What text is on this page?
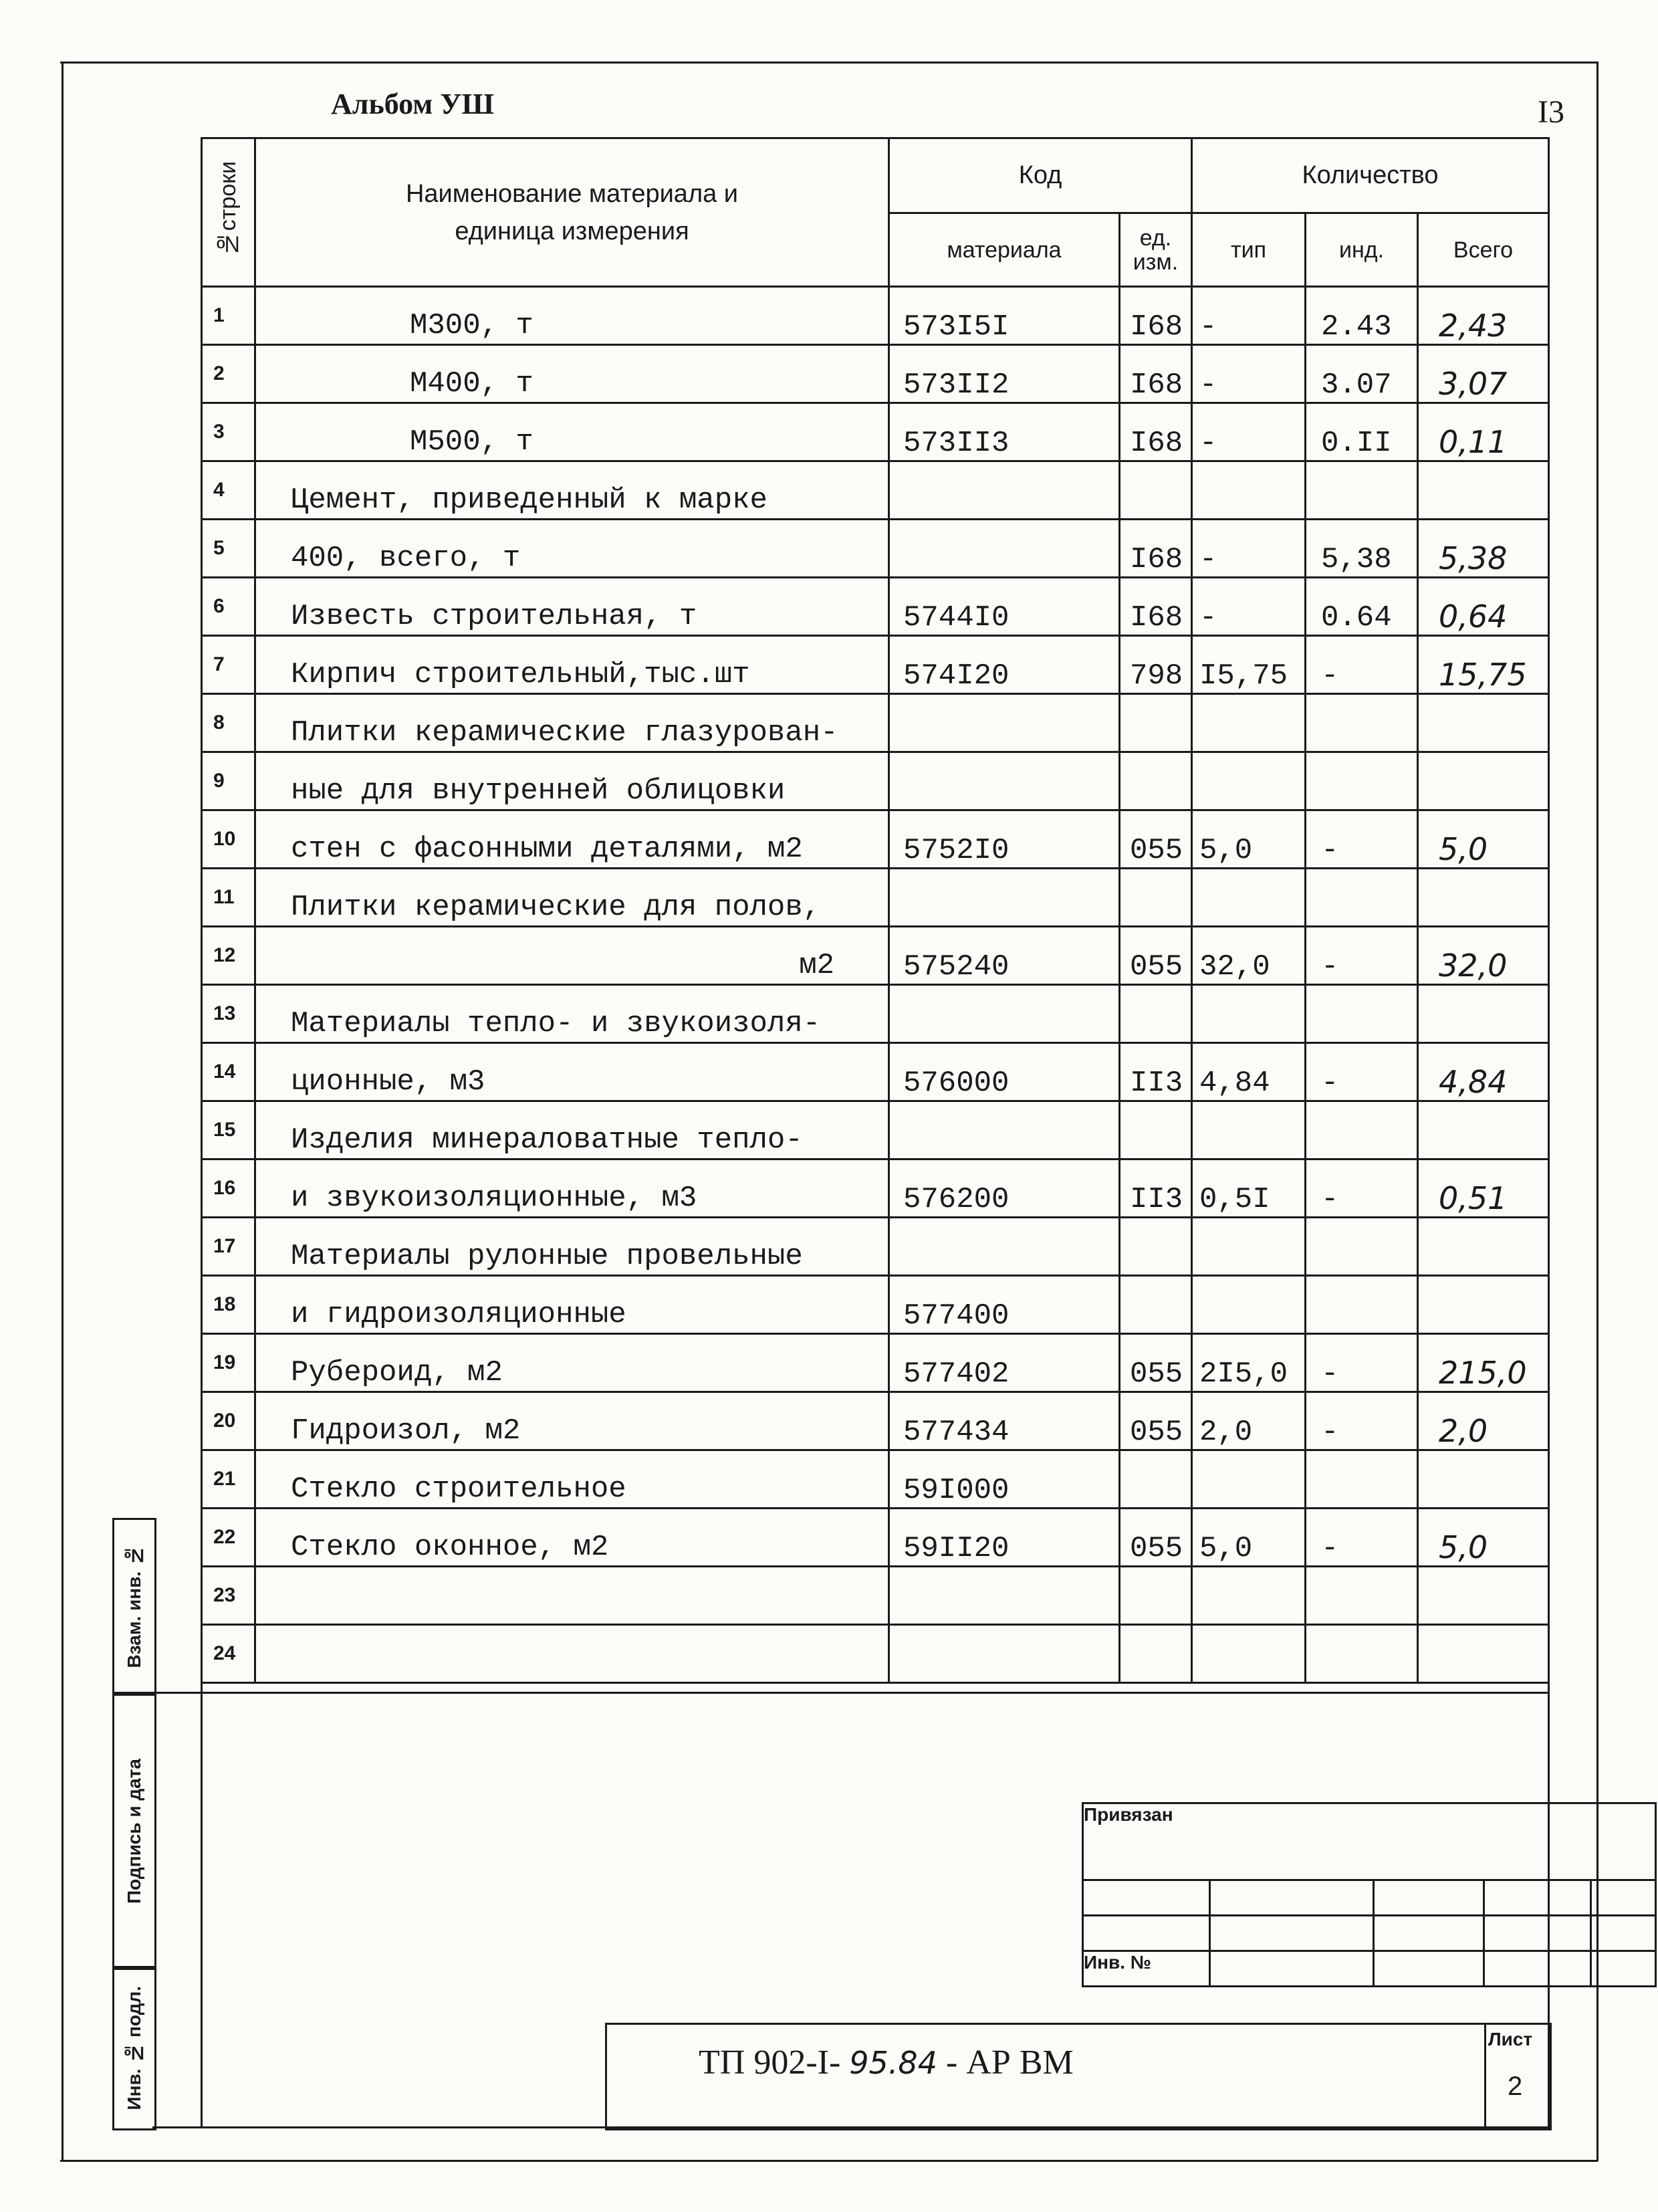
Альбом УШ	I3
№строки	Наименование материала и единица измерения	Код		Количество		
		материала	ед. изм.	тип	инд.	Всего
1	М300, т	573I5I	I68	-	2.43	2,43
2	М400, т	573II2	I68	-	3.07	3,07
3	М500, т	573II3	I68	-	0.II	0,11
4	Цемент, приведенный к марке					
5	400, всего, т		I68	-	5,38	5,38
6	Известь строительная, т	5744I0	I68	-	0.64	0,64
7	Кирпич строительный,тыс.шт	574I20	798	I5,75	-	15,75
8	Плитки керамические глазурован-					
9	ные для внутренней облицовки					
10	стен с фасонными деталями, м2	5752I0	055	5,0	-	5,0
11	Плитки керамические для полов,					
12	м2	575240	055	32,0	-	32,0
13	Материалы тепло- и звукоизоля-					
14	ционные, м3	576000	II3	4,84	-	4,84
15	Изделия минераловатные тепло-					
16	и звукоизоляционные, м3	576200	II3	0,5I	-	0,51
17	Материалы рулонные провельные					
18	и гидроизоляционные	577400				
19	Рубероид, м2	577402	055	2I5,0	-	215,0
20	Гидроизол, м2	577434	055	2,0	-	2,0
21	Стекло строительное	59I000				
22	Стекло оконное, м2	59II20	055	5,0	-	5,0
23						
24						
Взам. инв. №
Подпись и дата
Инв. № подл.
Привязан				

Инв. №				
ТП 902-I- 95.84 - АР ВМ
Лист
2
